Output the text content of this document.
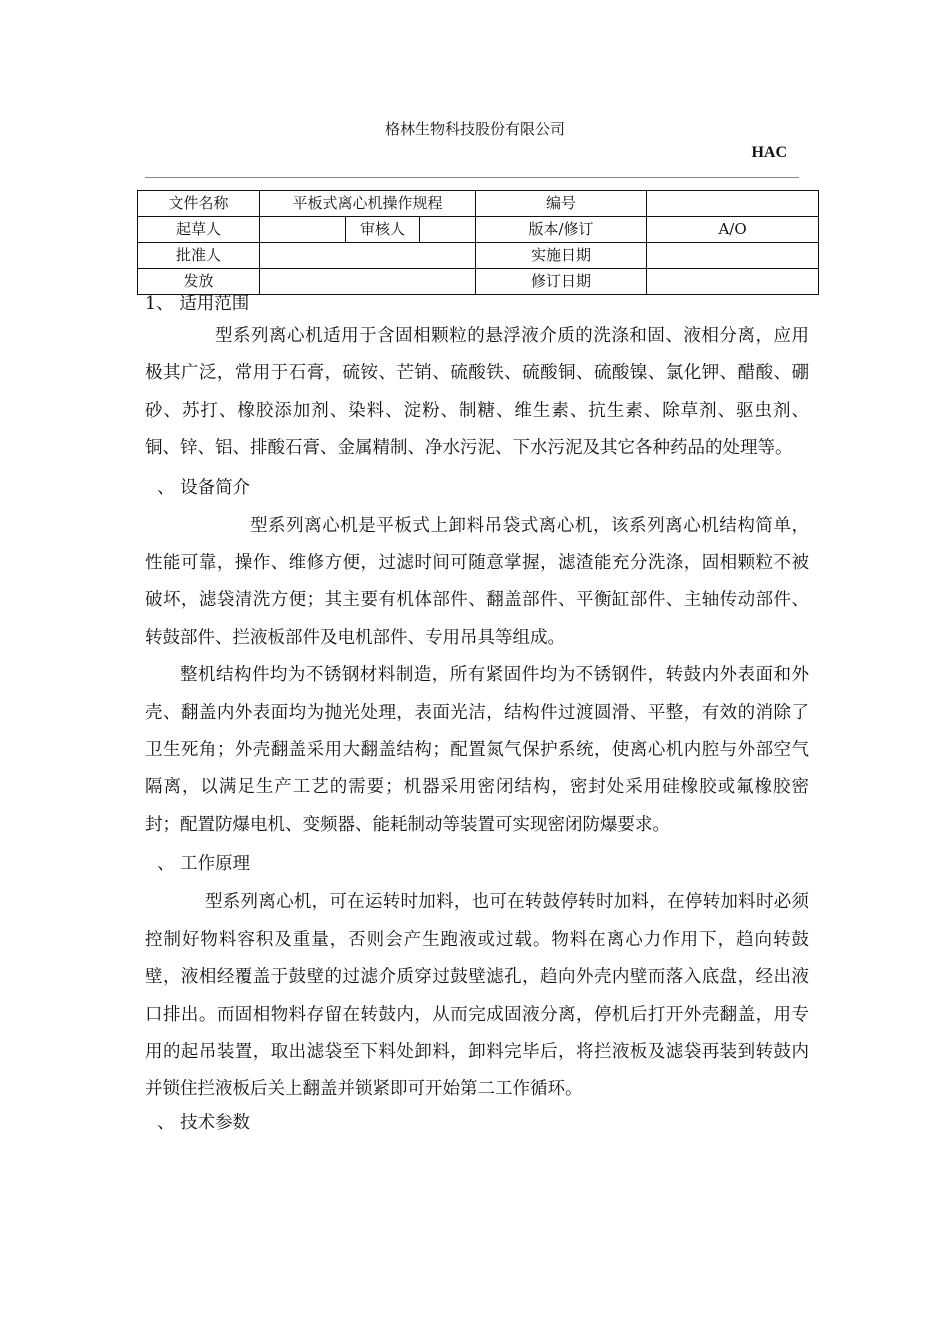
格林生物科技股份有限公司
HAC
文件名称	平板式离心机操作规程			编号	
起草人		审核人		版本/修订	A/O
批准人				实施日期	
发放				修订日期	

1、 适用范围

型系列离心机适用于含固相颗粒的悬浮液介质的洗涤和固、液相分离，应用极其广泛，常用于石膏，硫铵、芒销、硫酸铁、硫酸铜、硫酸镍、氯化钾、醋酸、硼砂、苏打、橡胶添加剂、染料、淀粉、制糖、维生素、抗生素、除草剂、驱虫剂、铜、锌、铝、排酸石膏、金属精制、净水污泥、下水污泥及其它各种药品的处理等。

、 设备简介

型系列离心机是平板式上卸料吊袋式离心机，该系列离心机结构简单，性能可靠，操作、维修方便，过滤时间可随意掌握，滤渣能充分洗涤，固相颗粒不被破坏，滤袋清洗方便；其主要有机体部件、翻盖部件、平衡缸部件、主轴传动部件、转鼓部件、拦液板部件及电机部件、专用吊具等组成。

整机结构件均为不锈钢材料制造，所有紧固件均为不锈钢件，转鼓内外表面和外壳、翻盖内外表面均为抛光处理，表面光洁，结构件过渡圆滑、平整，有效的消除了卫生死角；外壳翻盖采用大翻盖结构；配置氮气保护系统，使离心机内腔与外部空气隔离，以满足生产工艺的需要；机器采用密闭结构，密封处采用硅橡胶或氟橡胶密封；配置防爆电机、变频器、能耗制动等装置可实现密闭防爆要求。

、 工作原理

型系列离心机，可在运转时加料，也可在转鼓停转时加料，在停转加料时必须控制好物料容积及重量，否则会产生跑液或过载。物料在离心力作用下，趋向转鼓壁，液相经覆盖于鼓壁的过滤介质穿过鼓壁滤孔，趋向外壳内壁而落入底盘，经出液口排出。而固相物料存留在转鼓内，从而完成固液分离，停机后打开外壳翻盖，用专用的起吊装置，取出滤袋至下料处卸料，卸料完毕后，将拦液板及滤袋再装到转鼓内并锁住拦液板后关上翻盖并锁紧即可开始第二工作循环。

、 技术参数
